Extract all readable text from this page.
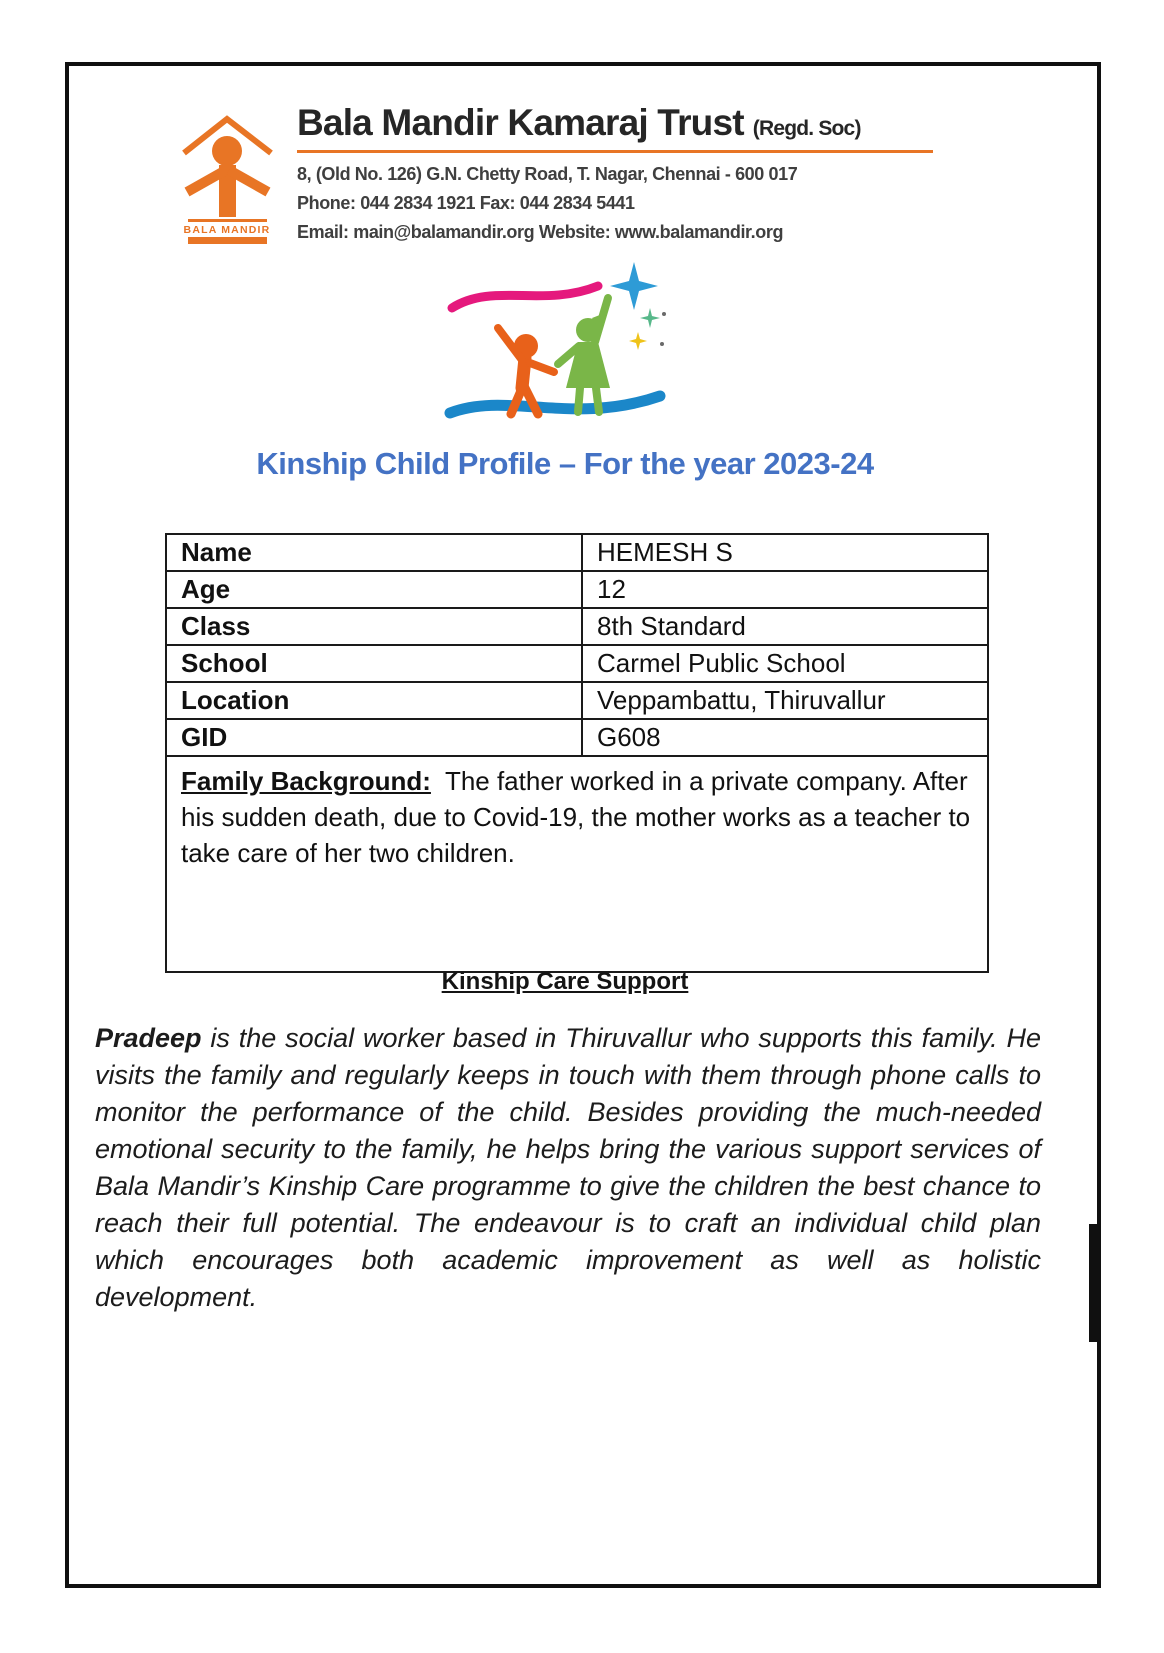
BALA MANDIR
Bala Mandir Kamaraj Trust (Regd. Soc)
8, (Old No. 126) G.N. Chetty Road, T. Nagar, Chennai - 600 017
Phone: 044 2834 1921 Fax: 044 2834 5441
Email: main@balamandir.org Website: www.balamandir.org
Kinship Child Profile – For the year 2023-24
Name	HEMESH S
Age	12
Class	8th Standard
School	Carmel Public School
Location	Veppambattu, Thiruvallur
GID	G608
Family Background: The father worked in a private company. After his sudden death, due to Covid-19, the mother works as a teacher to take care of her two children.	
Kinship Care Support
Pradeep is the social worker based in Thiruvallur who supports this family. He visits the family and regularly keeps in touch with them through phone calls to monitor the performance of the child. Besides providing the much-needed emotional security to the family, he helps bring the various support services of Bala Mandir’s Kinship Care programme to give the children the best chance to reach their full potential. The endeavour is to craft an individual child plan which encourages both academic improvement as well as holistic development.
